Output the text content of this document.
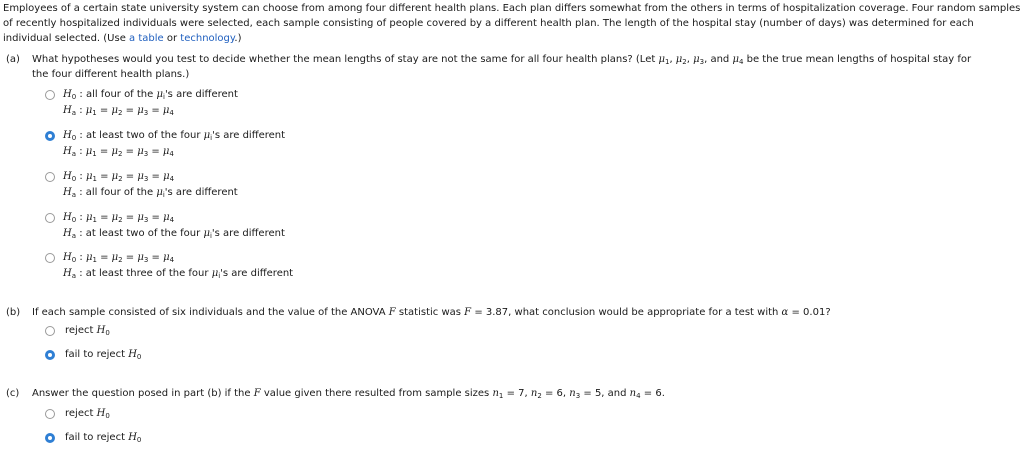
Employees of a certain state university system can choose from among four different health plans. Each plan differs somewhat from the others in terms of hospitalization coverage. Four random samples of recently hospitalized individuals were selected, each sample consisting of people covered by a different health plan. The length of the hospital stay (number of days) was determined for each individual selected. (Use a table or technology.)
(a) What hypotheses would you test to decide whether the mean lengths of stay are not the same for all four health plans? (Let $\mu_1$, $\mu_2$, $\mu_3$, and $\mu_4$ be the true mean lengths of hospital stay for
the four different health plans.)
$H_0$ : all four of the $\mu_i's$ are different
$H_a$ : $\mu_1 = \mu_2 = \mu_3 = \mu_4$
$H_0$ : at least two of the four $\mu_i's$ are different
$H_a$ : $\mu_1 = \mu_2 = \mu_3 = \mu_4$
$H_0$ : $\mu_1 = \mu_2 = \mu_3 = \mu_4$
$H_a$ : all four of the $\mu_i's$ are different
$H_0$ : $\mu_1 = \mu_2 = \mu_3 = \mu_4$
$H_a$ : at least two of the four $\mu_i's$ are different
$H_0$ : $\mu_1 = \mu_2 = \mu_3 = \mu_4$
$H_a$ : at least three of the four $\mu_i's$ are different
(b) If each sample consisted of six individuals and the value of the ANOVA F statistic was F = 3.87, what conclusion would be appropriate for a test with α = 0.01?
reject $H_0$
fail to reject $H_0$
(c) Answer the question posed in part (b) if the F value given there resulted from sample sizes $n_1 = 7$, $n_2 = 6$, $n_3 = 5$, and $n_4 = 6$.
reject $H_0$
fail to reject $H_0$
